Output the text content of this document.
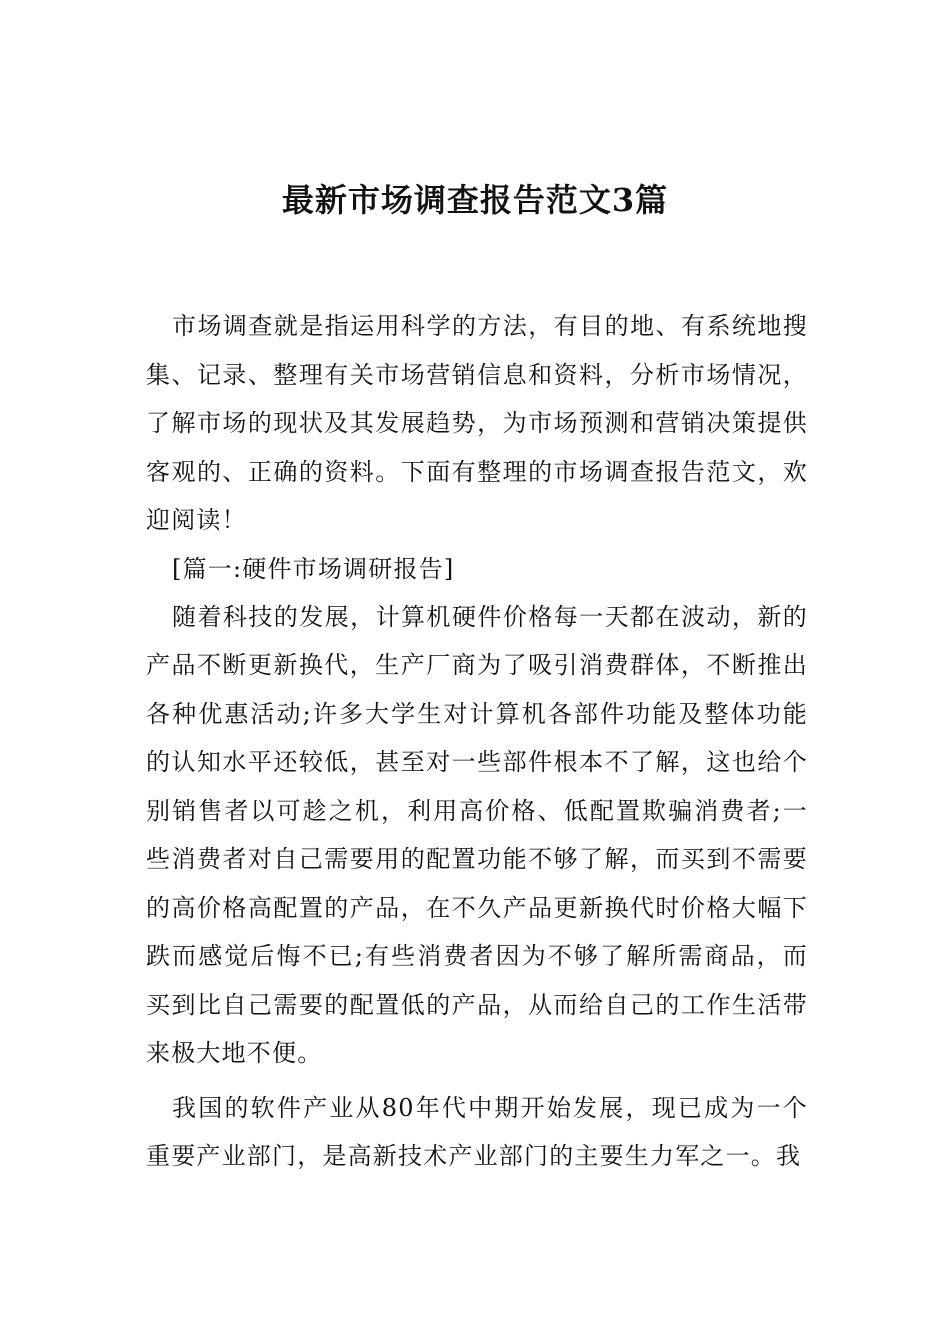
最新市场调查报告范文3篇

市场调查就是指运用科学的方法，有目的地、有系统地搜集、记录、整理有关市场营销信息和资料，分析市场情况，了解市场的现状及其发展趋势，为市场预测和营销决策提供客观的、正确的资料。下面有整理的市场调查报告范文，欢迎阅读！

[篇一:硬件市场调研报告]

随着科技的发展，计算机硬件价格每一天都在波动，新的产品不断更新换代，生产厂商为了吸引消费群体，不断推出各种优惠活动;许多大学生对计算机各部件功能及整体功能的认知水平还较低，甚至对一些部件根本不了解，这也给个别销售者以可趁之机，利用高价格、低配置欺骗消费者;一些消费者对自己需要用的配置功能不够了解，而买到不需要的高价格高配置的产品，在不久产品更新换代时价格大幅下跌而感觉后悔不已;有些消费者因为不够了解所需商品，而买到比自己需要的配置低的产品，从而给自己的工作生活带来极大地不便。

我国的软件产业从80年代中期开始发展，现已成为一个重要产业部门，是高新技术产业部门的主要生力军之一。我
